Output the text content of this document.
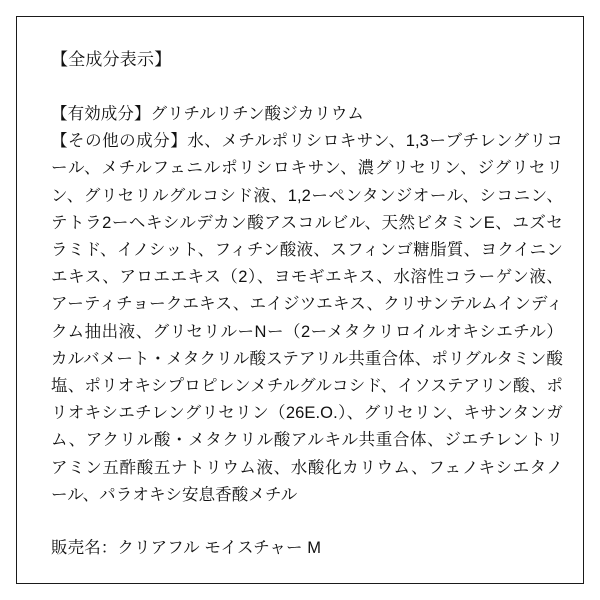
【全成分表示】

【有効成分】グリチルリチン酸ジカリウム
【その他の成分】水、メチルポリシロキサン、1,3ーブチレングリコール、メチルフェニルポリシロキサン、濃グリセリン、ジグリセリン、グリセリルグルコシド液、1,2ーペンタンジオール、シコニン、テトラ2ーヘキシルデカン酸アスコルビル、天然ビタミンE、ユズセラミド、イノシット、フィチン酸液、スフィンゴ糖脂質、ヨクイニンエキス、アロエエキス（2）、ヨモギエキス、水溶性コラーゲン液、アーティチョークエキス、エイジツエキス、クリサンテルムインディクム抽出液、グリセリルーNー（2ーメタクリロイルオキシエチル）カルバメート・メタクリル酸ステアリル共重合体、ポリグルタミン酸塩、ポリオキシプロピレンメチルグルコシド、イソステアリン酸、ポリオキシエチレングリセリン（26E.O.）、グリセリン、キサンタンガム、アクリル酸・メタクリル酸アルキル共重合体、ジエチレントリアミン五酢酸五ナトリウム液、水酸化カリウム、フェノキシエタノール、パラオキシ安息香酸メチル

販売名：クリアフル モイスチャー M
